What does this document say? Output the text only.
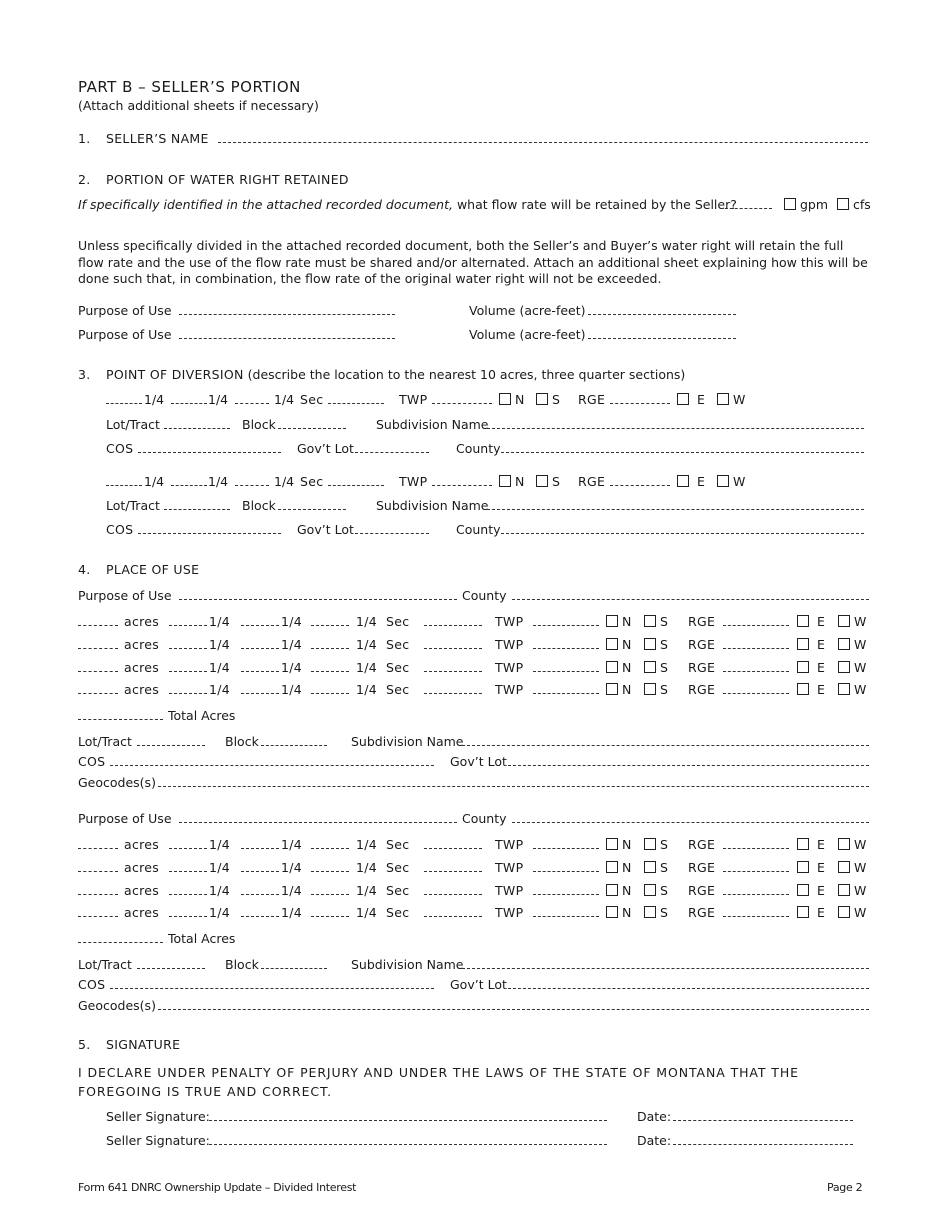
PART B – SELLER’S PORTION
(Attach additional sheets if necessary)
1. SELLER’S NAME
2. PORTION OF WATER RIGHT RETAINED
If specifically identified in the attached recorded document, what flow rate will be retained by the Seller?	gpm	cfs
Unless specifically divided in the attached recorded document, both the Seller’s and Buyer’s water right will retain the full flow rate and the use of the flow rate must be shared and/or alternated. Attach an additional sheet explaining how this will be done such that, in combination, the flow rate of the original water right will not be exceeded.
Purpose of Use	Volume (acre-feet)
Purpose of Use	Volume (acre-feet)
3. POINT OF DIVERSION (describe the location to the nearest 10 acres, three quarter sections)
1/4	1/4	1/4 Sec	TWP	N	S RGE	E	W
Lot/Tract	Block	Subdivision Name
COS	Gov’t Lot	County
1/4	1/4	1/4 Sec	TWP	N	S RGE	E	W
Lot/Tract	Block	Subdivision Name
COS	Gov’t Lot	County
4. PLACE OF USE
Purpose of Use	County
acres	1/4	1/4	1/4 Sec	TWP	N	S RGE	E	W
acres	1/4	1/4	1/4 Sec	TWP	N	S RGE	E	W
acres	1/4	1/4	1/4 Sec	TWP	N	S RGE	E	W
acres	1/4	1/4	1/4 Sec	TWP	N	S RGE	E	W
Total Acres
Lot/Tract	Block	Subdivision Name
COS	Gov’t Lot
Geocodes(s)
Purpose of Use	County
acres	1/4	1/4	1/4 Sec	TWP	N	S RGE	E	W
acres	1/4	1/4	1/4 Sec	TWP	N	S RGE	E	W
acres	1/4	1/4	1/4 Sec	TWP	N	S RGE	E	W
acres	1/4	1/4	1/4 Sec	TWP	N	S RGE	E	W
Total Acres
Lot/Tract	Block	Subdivision Name
COS	Gov’t Lot
Geocodes(s)
5. SIGNATURE
I DECLARE UNDER PENALTY OF PERJURY AND UNDER THE LAWS OF THE STATE OF MONTANA THAT THE
FOREGOING IS TRUE AND CORRECT.
Seller Signature:	Date:
Seller Signature:	Date:
Form 641 DNRC Ownership Update – Divided Interest	Page 2
